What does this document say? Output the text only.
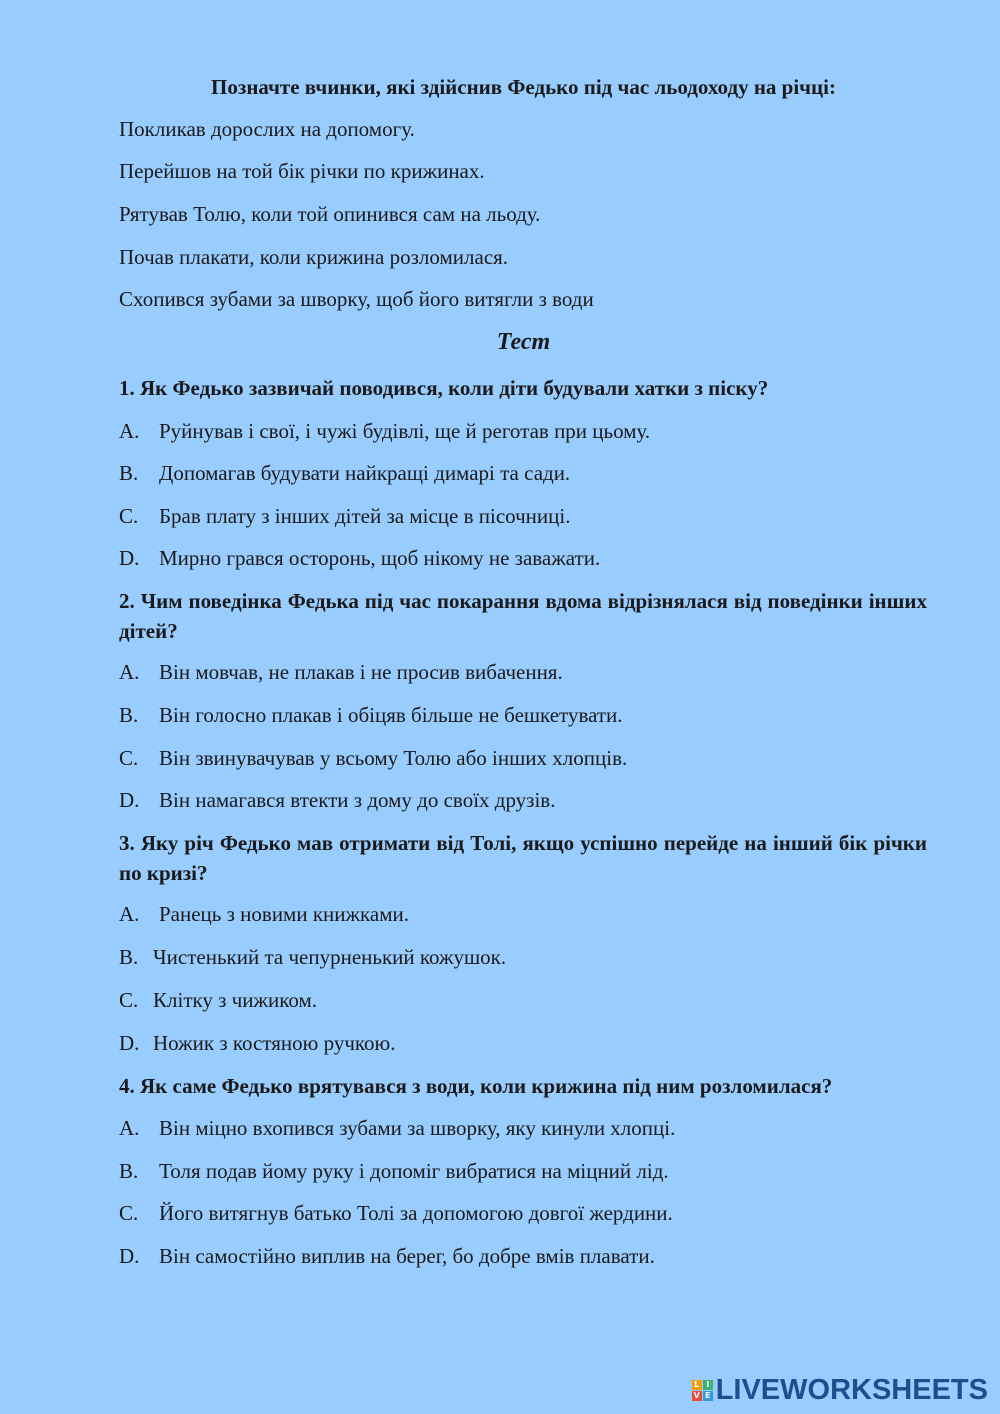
Позначте вчинки, які здійснив Федько під час льодоходу на річці:
Покликав дорослих на допомогу.
Перейшов на той бік річки по крижинах.
Рятував Толю, коли той опинився сам на льоду.
Почав плакати, коли крижина розломилася.
Схопився зубами за шворку, щоб його витягли з води
Тест
1. Як Федько зазвичай поводився, коли діти будували хатки з піску?
A. Руйнував і свої, і чужі будівлі, ще й реготав при цьому.
B. Допомагав будувати найкращі димарі та сади.
C. Брав плату з інших дітей за місце в пісочниці.
D. Мирно грався осторонь, щоб нікому не заважати.
2. Чим поведінка Федька під час покарання вдома відрізнялася від поведінки інших дітей?
A. Він мовчав, не плакав і не просив вибачення.
B. Він голосно плакав і обіцяв більше не бешкетувати.
C. Він звинувачував у всьому Толю або інших хлопців.
D. Він намагався втекти з дому до своїх друзів.
3. Яку річ Федько мав отримати від Толі, якщо успішно перейде на інший бік річки по кризі?
A. Ранець з новими книжками.
B. Чистенький та чепурненький кожушок.
C. Клітку з чижиком.
D. Ножик з костяною ручкою.
4. Як саме Федько врятувався з води, коли крижина під ним розломилася?
A. Він міцно вхопився зубами за шворку, яку кинули хлопці.
B. Толя подав йому руку і допоміг вибратися на міцний лід.
C. Його витягнув батько Толі за допомогою довгої жердини.
D. Він самостійно виплив на берег, бо добре вмів плавати.
L I
V E LIVEWORKSHEETS
